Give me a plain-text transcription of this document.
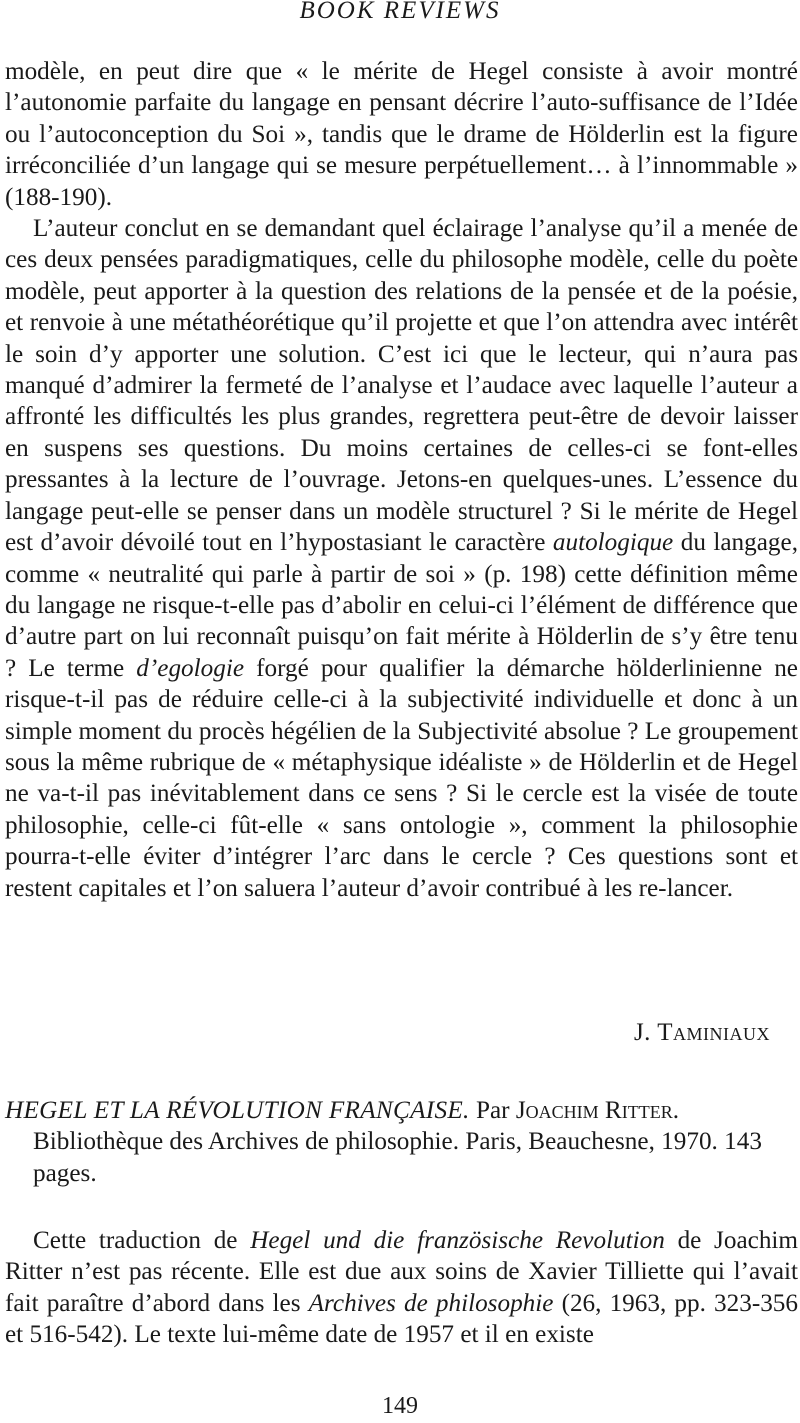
BOOK REVIEWS

modèle, en peut dire que « le mérite de Hegel consiste à avoir montré l’autonomie parfaite du langage en pensant décrire l’auto-suffisance de l’Idée ou l’autoconception du Soi », tandis que le drame de Hölderlin est la figure irréconciliée d’un langage qui se mesure perpétuellement… à l’innommable » (188-190).

L’auteur conclut en se demandant quel éclairage l’analyse qu’il a menée de ces deux pensées paradigmatiques, celle du philosophe modèle, celle du poète modèle, peut apporter à la question des relations de la pensée et de la poésie, et renvoie à une métathéorétique qu’il projette et que l’on attendra avec intérêt le soin d’y apporter une solution. C’est ici que le lecteur, qui n’aura pas manqué d’admirer la fermeté de l’analyse et l’audace avec laquelle l’auteur a affronté les difficultés les plus grandes, regrettera peut-être de devoir laisser en suspens ses questions. Du moins certaines de celles-ci se font-elles pressantes à la lecture de l’ouvrage. Jetons-en quelques-unes. L’essence du langage peut-elle se penser dans un modèle structurel ? Si le mérite de Hegel est d’avoir dévoilé tout en l’hypostasiant le caractère autologique du langage, comme « neutralité qui parle à partir de soi » (p. 198) cette définition même du langage ne risque-t-elle pas d’abolir en celui-ci l’élément de différence que d’autre part on lui reconnaît puisqu’on fait mérite à Hölderlin de s’y être tenu ? Le terme d’egologie forgé pour qualifier la démarche hölderlinienne ne risque-t-il pas de réduire celle-ci à la subjectivité individuelle et donc à un simple moment du procès hégélien de la Subjectivité absolue ? Le groupement sous la même rubrique de « métaphysique idéaliste » de Hölderlin et de Hegel ne va-t-il pas inévitablement dans ce sens ? Si le cercle est la visée de toute philosophie, celle-ci fût-elle « sans ontologie », comment la philosophie pourra-t-elle éviter d’intégrer l’arc dans le cercle ? Ces questions sont et restent capitales et l’on saluera l’auteur d’avoir contribué à les re-lancer.

J. Taminiaux

HEGEL ET LA RÉVOLUTION FRANÇAISE. Par Joachim Ritter.

Bibliothèque des Archives de philosophie. Paris, Beauchesne, 1970. 143 pages.

Cette traduction de Hegel und die französische Revolution de Joachim Ritter n’est pas récente. Elle est due aux soins de Xavier Tilliette qui l’avait fait paraître d’abord dans les Archives de philosophie (26, 1963, pp. 323-356 et 516-542). Le texte lui-même date de 1957 et il en existe

149
